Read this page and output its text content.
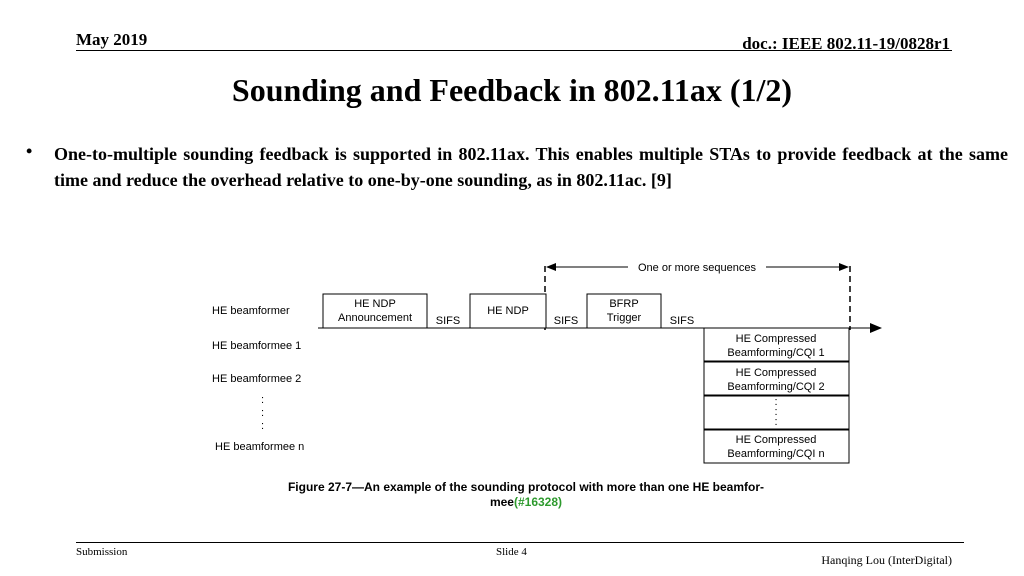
May 2019	doc.: IEEE 802.11-19/0828r1
Sounding and Feedback in 802.11ax (1/2)
• One-to-multiple sounding feedback is supported in 802.11ax. This enables multiple STAs to provide feedback at the same time and reduce the overhead relative to one-by-one sounding, as in 802.11ac. [9]
One or more sequences
HE beamformer
HE beamformee 1
HE beamformee 2
:
:
:
HE beamformee n
HE NDP
Announcement SIFS
HE NDP
SIFS
BFRP
Trigger	SIFS
HE Compressed
Beamforming/CQI 1
HE Compressed
Beamforming/CQI 2
:
:
:
HE Compressed
Beamforming/CQI n
Figure 27-7—An example of the sounding protocol with more than one HE beamfor-
mee(#16328)
Submission	Slide 4
Hanqing Lou (InterDigital)
